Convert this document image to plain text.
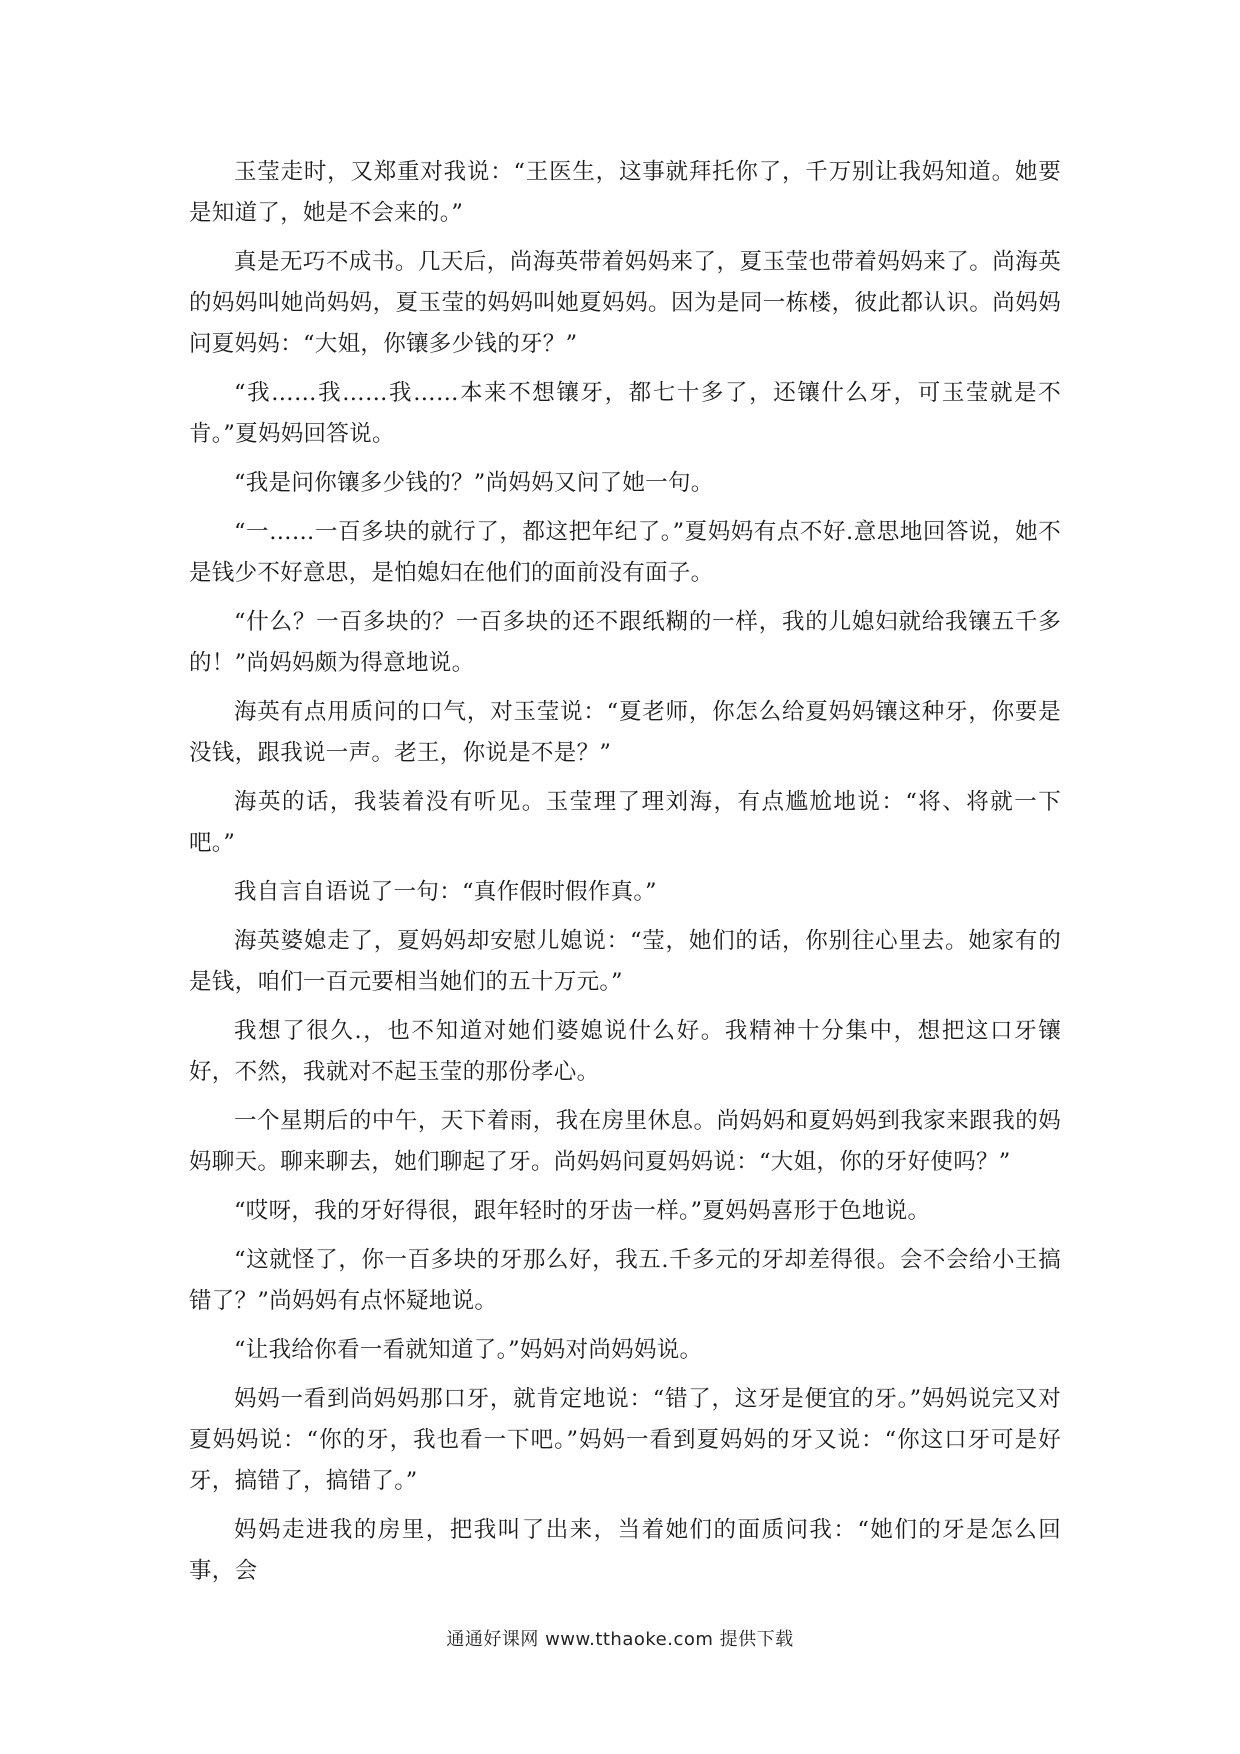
玉莹走时，又郑重对我说：“王医生，这事就拜托你了，千万别让我妈知道。她要是知道了，她是不会来的。”

真是无巧不成书。几天后，尚海英带着妈妈来了，夏玉莹也带着妈妈来了。尚海英的妈妈叫她尚妈妈，夏玉莹的妈妈叫她夏妈妈。因为是同一栋楼，彼此都认识。尚妈妈问夏妈妈：“大姐，你镶多少钱的牙？”

“我……我……我……本来不想镶牙，都七十多了，还镶什么牙，可玉莹就是不肯。”夏妈妈回答说。

“我是问你镶多少钱的？”尚妈妈又问了她一句。

“一……一百多块的就行了，都这把年纪了。”夏妈妈有点不好.意思地回答说，她不是钱少不好意思，是怕媳妇在他们的面前没有面子。

“什么？一百多块的？一百多块的还不跟纸糊的一样，我的儿媳妇就给我镶五千多的！”尚妈妈颇为得意地说。

海英有点用质问的口气，对玉莹说：“夏老师，你怎么给夏妈妈镶这种牙，你要是没钱，跟我说一声。老王，你说是不是？”

海英的话，我装着没有听见。玉莹理了理刘海，有点尴尬地说：“将、将就一下吧。”

我自言自语说了一句：“真作假时假作真。”

海英婆媳走了，夏妈妈却安慰儿媳说：“莹，她们的话，你别往心里去。她家有的是钱，咱们一百元要相当她们的五十万元。”

我想了很久.，也不知道对她们婆媳说什么好。我精神十分集中，想把这口牙镶好，不然，我就对不起玉莹的那份孝心。

一个星期后的中午，天下着雨，我在房里休息。尚妈妈和夏妈妈到我家来跟我的妈妈聊天。聊来聊去，她们聊起了牙。尚妈妈问夏妈妈说：“大姐，你的牙好使吗？”

“哎呀，我的牙好得很，跟年轻时的牙齿一样。”夏妈妈喜形于色地说。

“这就怪了，你一百多块的牙那么好，我五.千多元的牙却差得很。会不会给小王搞错了？”尚妈妈有点怀疑地说。

“让我给你看一看就知道了。”妈妈对尚妈妈说。

妈妈一看到尚妈妈那口牙，就肯定地说：“错了，这牙是便宜的牙。”妈妈说完又对夏妈妈说：“你的牙，我也看一下吧。”妈妈一看到夏妈妈的牙又说：“你这口牙可是好牙，搞错了，搞错了。”

妈妈走进我的房里，把我叫了出来，当着她们的面质问我：“她们的牙是怎么回事，会

通通好课网 www.tthaoke.com 提供下载
